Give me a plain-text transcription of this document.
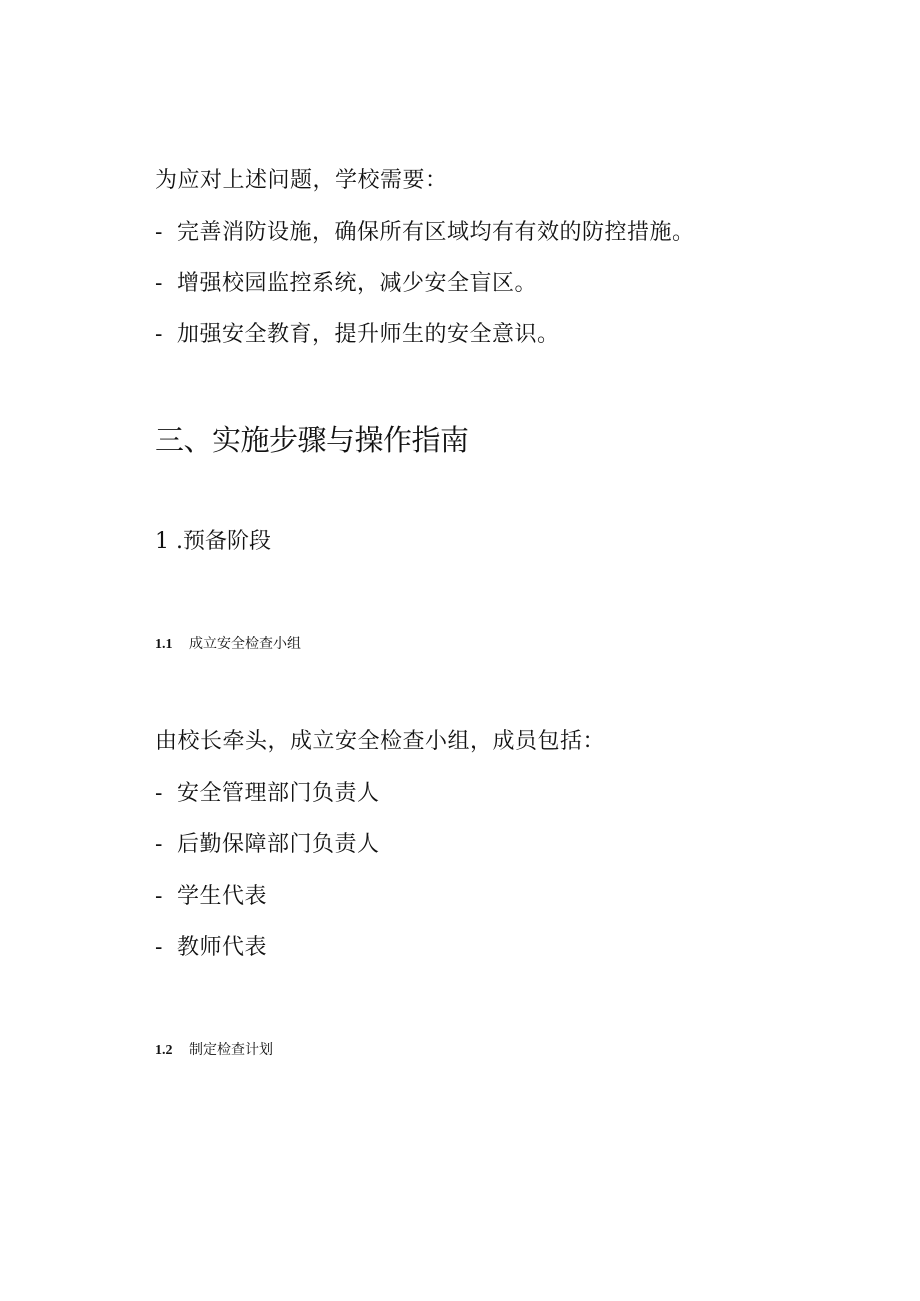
为应对上述问题，学校需要：
- 完善消防设施，确保所有区域均有有效的防控措施。
- 增强校园监控系统，减少安全盲区。
- 加强安全教育，提升师生的安全意识。
三、实施步骤与操作指南
1 .预备阶段
1.1 成立安全检查小组
由校长牵头，成立安全检查小组，成员包括：
- 安全管理部门负责人
- 后勤保障部门负责人
- 学生代表
- 教师代表
1.2 制定检查计划
